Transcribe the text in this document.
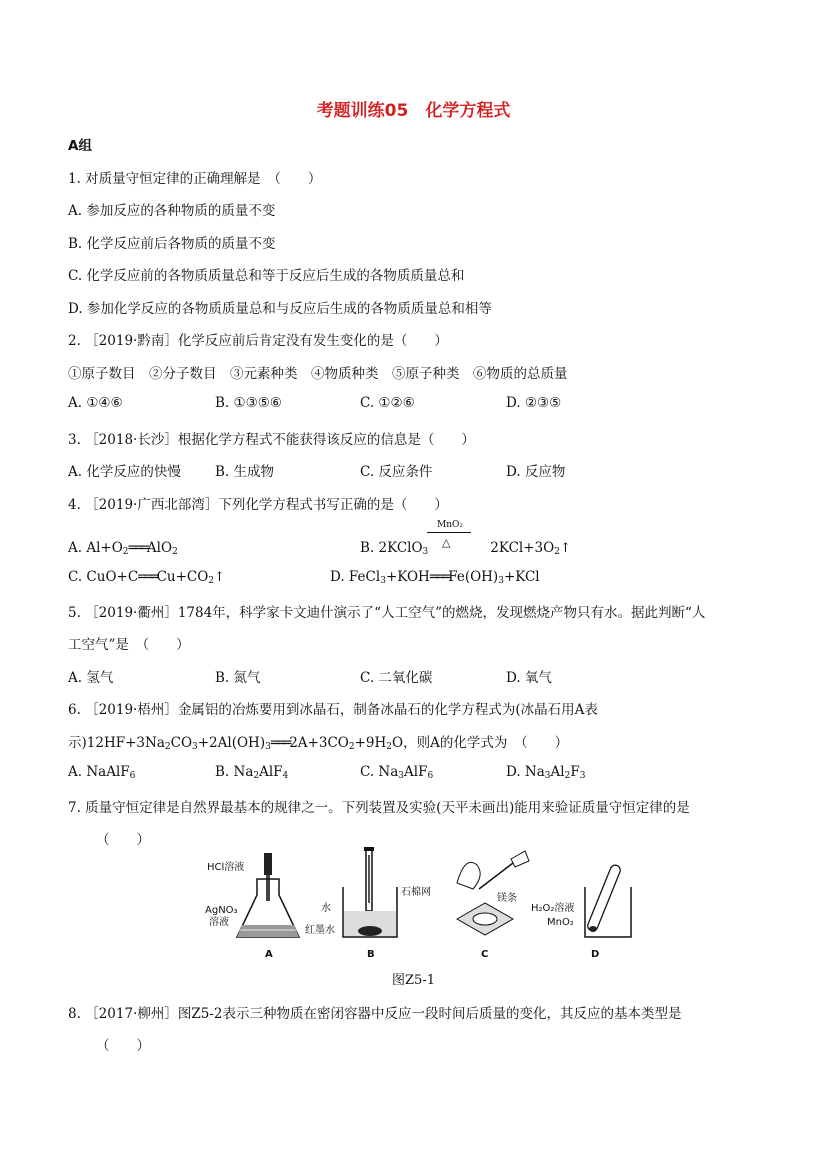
考题训练05　化学方程式
A组
1. 对质量守恒定律的正确理解是　（　　）
A. 参加反应的各种物质的质量不变
B. 化学反应前后各物质的质量不变
C. 化学反应前的各物质质量总和等于反应后生成的各物质质量总和
D. 参加化学反应的各物质质量总和与反应后生成的各物质质量总和相等
2. ［2019·黔南］化学反应前后肯定没有发生变化的是（　　）
①原子数目　②分子数目　③元素种类　④物质种类　⑤原子种类　⑥物质的总质量
A. ①④⑥	B. ①③⑤⑥	C. ①②⑥	D. ②③⑤
3. ［2018·长沙］根据化学方程式不能获得该反应的信息是（　　）
A. 化学反应的快慢	B. 生成物	C. 反应条件	D. 反应物
4. ［2019·广西北部湾］下列化学方程式书写正确的是（　　）
A. $Al+O_2═══AlO_2$
MnO₂
△
B. 2KClO$_3$	$2KCl+3O_2↑$
C. $CuO+C═══Cu+CO_2↑$	D. $FeCl_3+KOH═══Fe(OH)_3+KCl$
5. ［2019·衢州］1784年，科学家卡文迪什演示了“人工空气”的燃烧，发现燃烧产物只有水。据此判断“人
工空气”是　（　　）
A. 氢气	B. 氮气	C. 二氧化碳	D. 氧气
6. ［2019·梧州］金属铝的冶炼要用到冰晶石，制备冰晶石的化学方程式为(冰晶石用A表
示)$12HF+3Na_2CO_3+2Al(OH)_3═══2A+3CO_2+9H_2O$，则A的化学式为　（　　）
A. NaAlF$_6$	B. $Na_2AlF_4$	C. $Na_3AlF_6$	D. $Na_3Al_2F_3$
7. 质量守恒定律是自然界最基本的规律之一。下列装置及实验(天平未画出)能用来验证质量守恒定律的是
（　　）
HCl溶液
AgNO₃
溶液
A
水
红墨水
B
石棉网
镁条
C
H₂O₂溶液
MnO₂
D
图Z5-1
8. ［2017·柳州］图Z5-2表示三种物质在密闭容器中反应一段时间后质量的变化，其反应的基本类型是
（　　）
